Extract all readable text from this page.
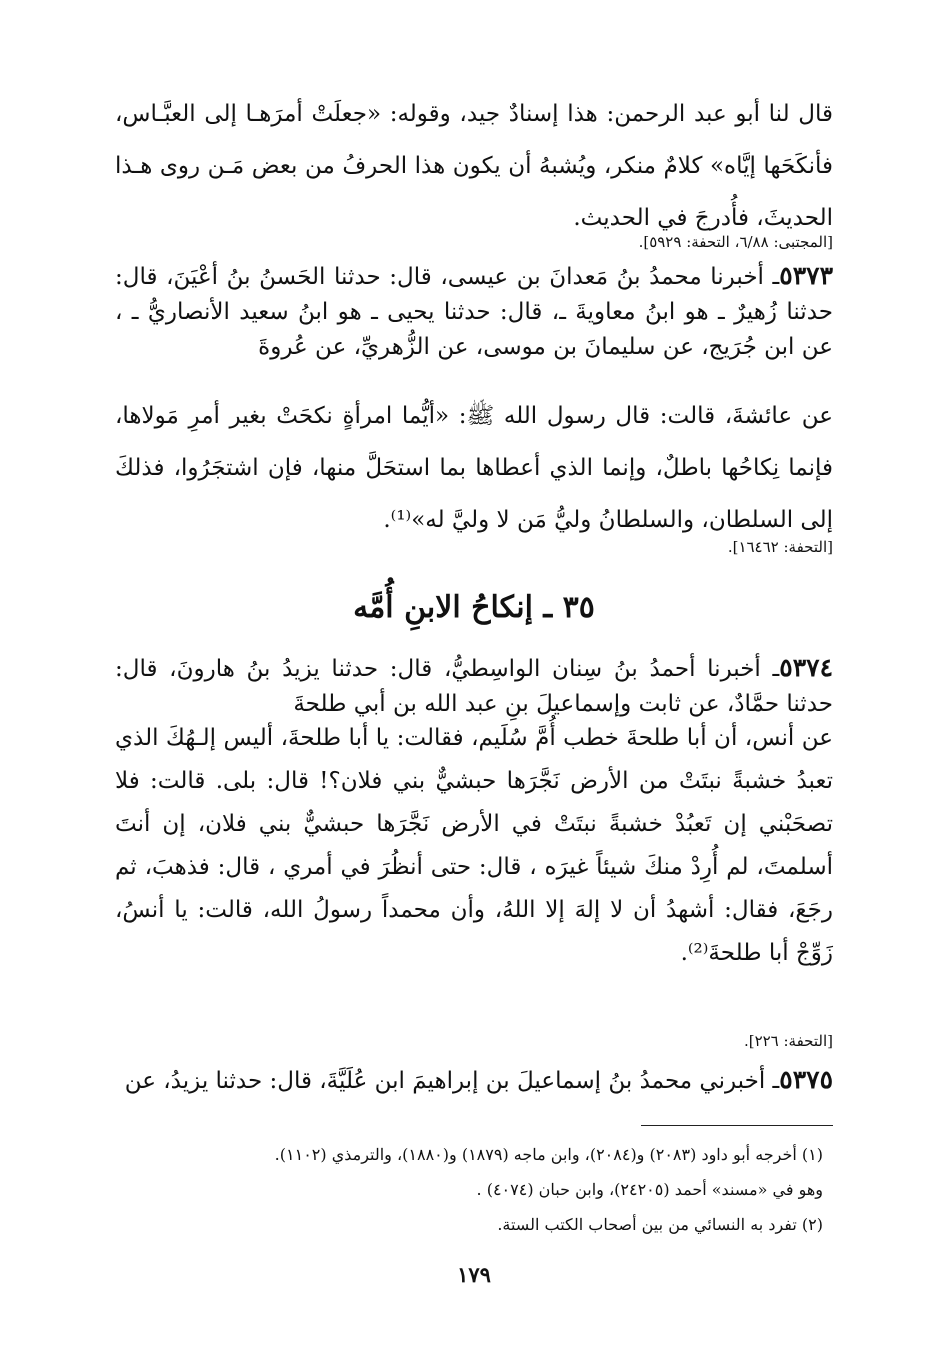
قال لنا أبو عبد الرحمن: هذا إسنادٌ جيد، وقوله: «جعلَتْ أمرَهـا إلى العبَّـاس، فأنكَحَها إيَّاه» كلامٌ منكر، ويُشبهُ أن يكون هذا الحرفُ من بعض مَـن روى هـذا الحديثَ، فأُدرجَ في الحديث.

[المجتبى: ٦/٨٨، التحفة: ٥٩٢٩].

٥٣٧٣ـ أخبرنا محمدُ بنُ مَعدانَ بن عيسى، قال: حدثنا الحَسنُ بنُ أعْيَنَ، قال: حدثنا زُهيرٌ ـ هو ابنُ معاويةَ ـ، قال: حدثنا يحيى ـ هو ابنُ سعيد الأنصاريُّ ـ ، عن ابن جُرَيج، عن سليمانَ بن موسى، عن الزُّهريِّ، عن عُروةَ

عن عائشةَ، قالت: قال رسول الله ﷺ: «أيُّما امرأةٍ نكحَتْ بغير أمرِ مَولاها، فإنما نِكاحُها باطلٌ، وإنما الذي أعطاها بما استحَلَّ منها، فإن اشتجَرُوا، فذلكَ إلى السلطان، والسلطانُ وليُّ مَن لا وليَّ له»⁽¹⁾.

[التحفة: ١٦٤٦٢].

٣٥ ـ إنكاحُ الابنِ أُمَّه

٥٣٧٤ـ أخبرنا أحمدُ بنُ سِنان الواسِطيُّ، قال: حدثنا يزيدُ بنُ هارونَ، قال: حدثنا حمَّادٌ، عن ثابت وإسماعيلَ بنِ عبد الله بن أبي طلحةَ

عن أنس، أن أبا طلحةَ خطب أُمَّ سُلَيم، فقالت: يا أبا طلحةَ، أليس إلـهُكَ الذي تعبدُ خشبةً نبتَتْ من الأرض نَجَّرَها حبشيٌّ بني فلان؟! قال: بلى. قالت: فلا تصحَبْني إن تَعبُدْ خشبةً نبتَتْ في الأرض نَجَّرَها حبشيٌّ بني فلان، إن أنتَ أسلمتَ، لم أُرِدْ منكَ شيئاً غيرَه ، قال: حتى أنظُرَ في أمري ، قال: فذهبَ، ثم رجَعَ، فقال: أشهدُ أن لا إلهَ إلا اللهُ، وأن محمداً رسولُ الله، قالت: يا أنسُ، زَوِّجْ أبا طلحةَ⁽²⁾.

[التحفة: ٢٢٦].

٥٣٧٥ـ أخبرني محمدُ بنُ إسماعيلَ بن إبراهيمَ ابن عُلَيَّةَ، قال: حدثنا يزيدُ، عن

(١) أخرجه أبو داود (٢٠٨٣) و(٢٠٨٤)، وابن ماجه (١٨٧٩) و(١٨٨٠)، والترمذي (١١٠٢).

وهو في «مسند» أحمد (٢٤٢٠٥)، وابن حبان (٤٠٧٤) .

(٢) تفرد به النسائي من بين أصحاب الكتب الستة.

١٧٩
